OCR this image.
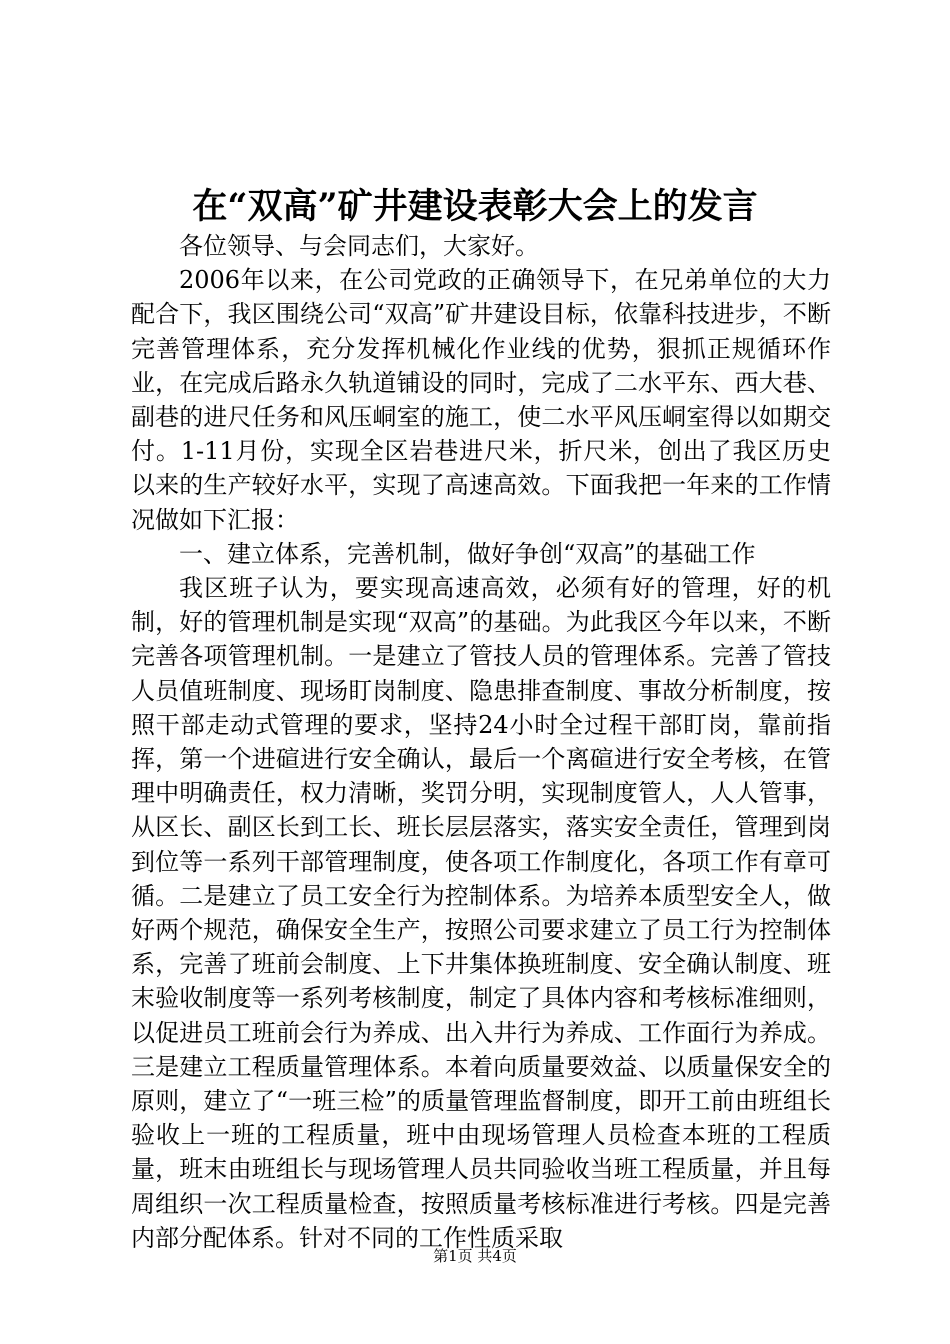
在“双高”矿井建设表彰大会上的发言

各位领导、与会同志们，大家好。

2006年以来，在公司党政的正确领导下，在兄弟单位的大力配合下，我区围绕公司“双高”矿井建设目标，依靠科技进步，不断完善管理体系，充分发挥机械化作业线的优势，狠抓正规循环作业，在完成后路永久轨道铺设的同时，完成了二水平东、西大巷、副巷的进尺任务和风压峒室的施工，使二水平风压峒室得以如期交付。1-11月份，实现全区岩巷进尺米，折尺米，创出了我区历史以来的生产较好水平，实现了高速高效。下面我把一年来的工作情况做如下汇报：

一、建立体系，完善机制，做好争创“双高”的基础工作

我区班子认为，要实现高速高效，必须有好的管理，好的机制，好的管理机制是实现“双高”的基础。为此我区今年以来，不断完善各项管理机制。一是建立了管技人员的管理体系。完善了管技人员值班制度、现场盯岗制度、隐患排查制度、事故分析制度，按照干部走动式管理的要求，坚持24小时全过程干部盯岗，靠前指挥，第一个进碹进行安全确认，最后一个离碹进行安全考核，在管理中明确责任，权力清晰，奖罚分明，实现制度管人，人人管事，从区长、副区长到工长、班长层层落实，落实安全责任，管理到岗到位等一系列干部管理制度，使各项工作制度化，各项工作有章可循。二是建立了员工安全行为控制体系。为培养本质型安全人，做好两个规范，确保安全生产，按照公司要求建立了员工行为控制体系，完善了班前会制度、上下井集体换班制度、安全确认制度、班末验收制度等一系列考核制度，制定了具体内容和考核标准细则，以促进员工班前会行为养成、出入井行为养成、工作面行为养成。三是建立工程质量管理体系。本着向质量要效益、以质量保安全的原则，建立了“一班三检”的质量管理监督制度，即开工前由班组长验收上一班的工程质量，班中由现场管理人员检查本班的工程质量，班末由班组长与现场管理人员共同验收当班工程质量，并且每周组织一次工程质量检查，按照质量考核标准进行考核。四是完善内部分配体系。针对不同的工作性质采取

第1页 共4页
